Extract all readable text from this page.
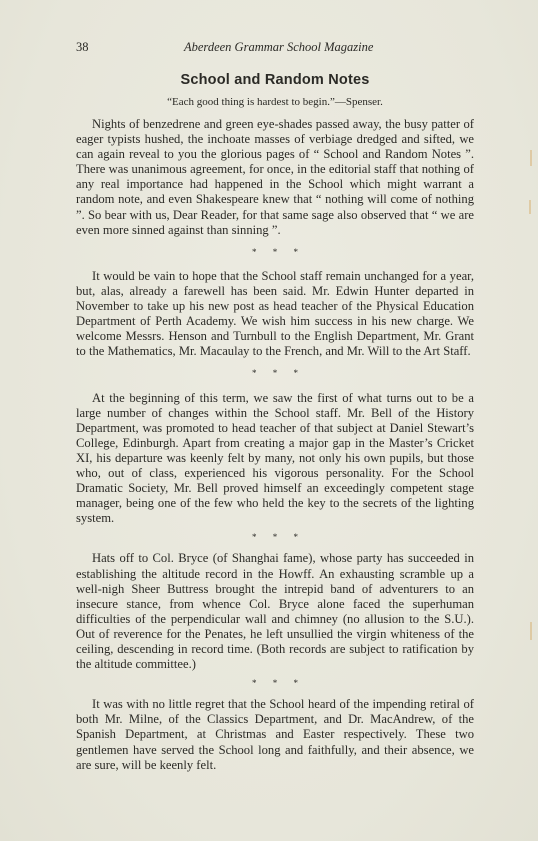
38	Aberdeen Grammar School Magazine
School and Random Notes
“Each good thing is hardest to begin.”—Spenser.

Nights of benzedrene and green eye-shades passed away, the busy patter of eager typists hushed, the inchoate masses of verbiage dredged and sifted, we can again reveal to you the glorious pages of “ School and Random Notes ”. There was unanimous agreement, for once, in the editorial staff that nothing of any real importance had happened in the School which might warrant a random note, and even Shakespeare knew that “ nothing will come of nothing ”. So bear with us, Dear Reader, for that same sage also observed that “ we are even more sinned against than sinning ”.

* * *

It would be vain to hope that the School staff remain unchanged for a year, but, alas, already a farewell has been said. Mr. Edwin Hunter departed in November to take up his new post as head teacher of the Physical Education Department of Perth Academy. We wish him success in his new charge. We welcome Messrs. Henson and Turnbull to the English Department, Mr. Grant to the Mathematics, Mr. Macaulay to the French, and Mr. Will to the Art Staff.

* * *

At the beginning of this term, we saw the first of what turns out to be a large number of changes within the School staff. Mr. Bell of the History Department, was promoted to head teacher of that subject at Daniel Stewart’s College, Edinburgh. Apart from creating a major gap in the Master’s Cricket XI, his departure was keenly felt by many, not only his own pupils, but those who, out of class, experienced his vigorous personality. For the School Dramatic Society, Mr. Bell proved himself an exceedingly competent stage manager, being one of the few who held the key to the secrets of the lighting system.

* * *

Hats off to Col. Bryce (of Shanghai fame), whose party has succeeded in establishing the altitude record in the Howff. An exhausting scramble up a well-nigh Sheer Buttress brought the intrepid band of adventurers to an insecure stance, from whence Col. Bryce alone faced the superhuman difficulties of the perpendicular wall and chimney (no allusion to the S.U.). Out of reverence for the Penates, he left unsullied the virgin whiteness of the ceiling, descending in record time. (Both records are subject to ratification by the altitude committee.)

* * *

It was with no little regret that the School heard of the impending retiral of both Mr. Milne, of the Classics Department, and Dr. MacAndrew, of the Spanish Department, at Christmas and Easter respectively. These two gentlemen have served the School long and faithfully, and their absence, we are sure, will be keenly felt.
